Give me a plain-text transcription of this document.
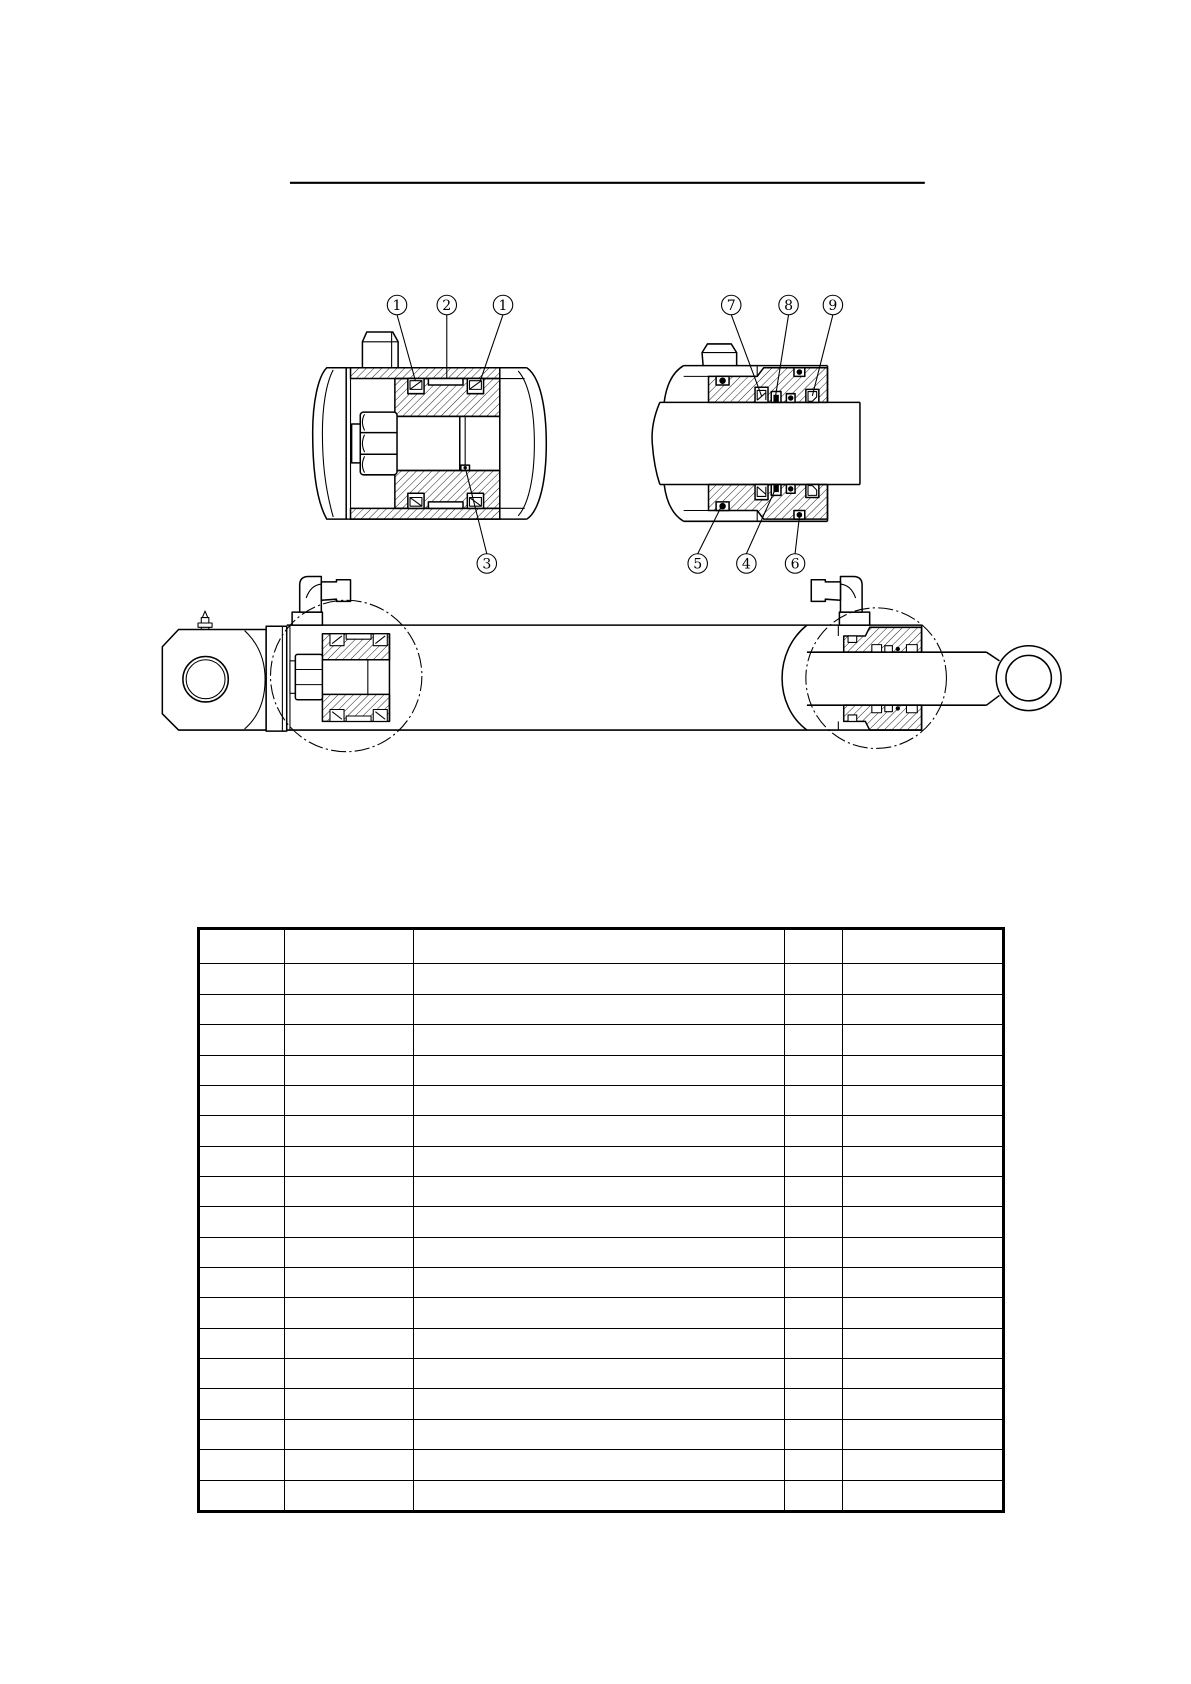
1	2	1
3
7	8	9
5	4	6
